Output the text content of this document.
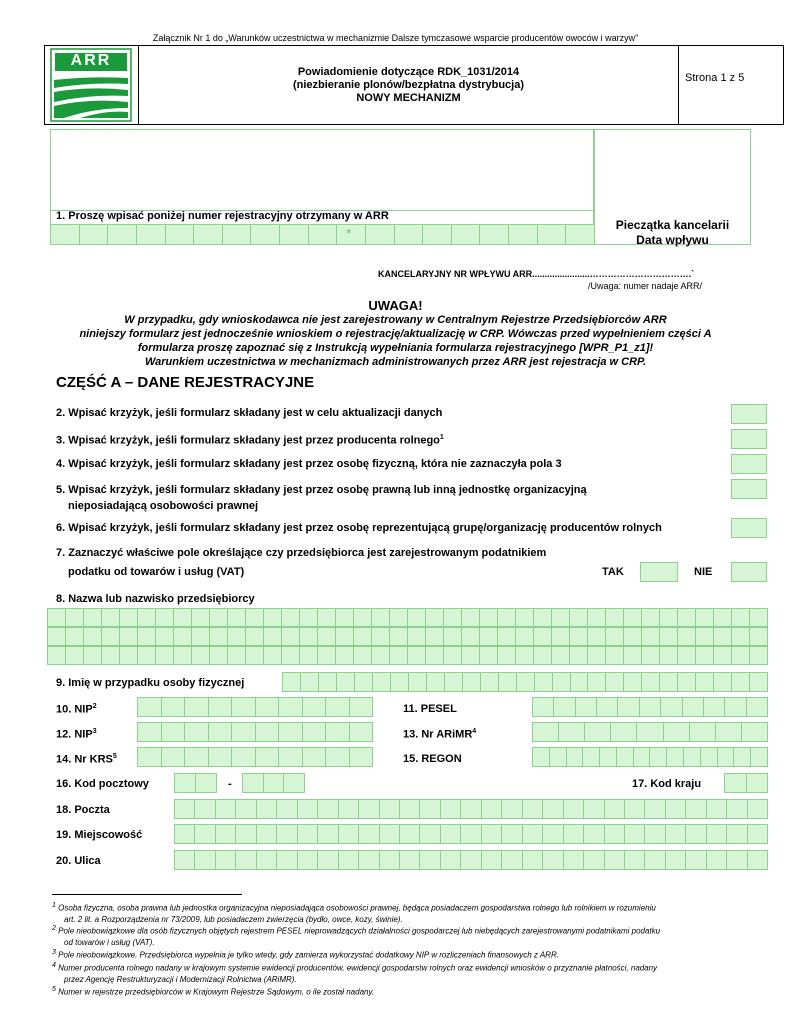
Załącznik Nr 1 do „Warunków uczestnictwa w mechanizmie Dalsze tymczasowe wsparcie producentów owoców i warzyw”
ARR
Powiadomienie dotyczące RDK_1031/2014
(niezbieranie plonów/bezpłatna dystrybucja)
NOWY MECHANIZM
Strona 1 z 5
1. Proszę wpisać poniżej numer rejestracyjny otrzymany w ARR
*	Pieczątka kancelarii
Data wpływu
KANCELARYJNY NR WPŁYWU ARR.......................…………………………….`
/Uwaga: numer nadaje ARR/
UWAGA!
W przypadku, gdy wnioskodawca nie jest zarejestrowany w Centralnym Rejestrze Przedsiębiorców ARR
niniejszy formularz jest jednocześnie wnioskiem o rejestrację/aktualizację w CRP. Wówczas przed wypełnieniem części A
formularza proszę zapoznać się z Instrukcją wypełniania formularza rejestracyjnego [WPR_P1_z1]!
Warunkiem uczestnictwa w mechanizmach administrowanych przez ARR jest rejestracja w CRP.
CZĘŚĆ A – DANE REJESTRACYJNE
2. Wpisać krzyżyk, jeśli formularz składany jest w celu aktualizacji danych
3. Wpisać krzyżyk, jeśli formularz składany jest przez producenta rolnego$^1$
4. Wpisać krzyżyk, jeśli formularz składany jest przez osobę fizyczną, która nie zaznaczyła pola 3
5. Wpisać krzyżyk, jeśli formularz składany jest przez osobę prawną lub inną jednostkę organizacyjną
nieposiadającą osobowości prawnej
6. Wpisać krzyżyk, jeśli formularz składany jest przez osobę reprezentującą grupę/organizację producentów rolnych
7. Zaznaczyć właściwe pole określające czy przedsiębiorca jest zarejestrowanym podatnikiem
podatku od towarów i usług (VAT)	TAK	NIE
8. Nazwa lub nazwisko przedsiębiorcy
9. Imię w przypadku osoby fizycznej
10. NIP$^2$	11. PESEL
12. NIP$^3$	13. Nr ARiMR$^4$
14. Nr KRS$^5$	15. REGON
16. Kod pocztowy	-	17. Kod kraju
18. Poczta
19. Miejscowość
20. Ulica
$^1$ Osoba fizyczna, osoba prawna lub jednostka organizacyjna nieposiadająca osobowości prawnej, będąca posiadaczem gospodarstwa rolnego lub rolnikiem w rozumieniu
art. 2 lit. a Rozporządzenia nr 73/2009, lub posiadaczem zwierzęcia (bydło, owce, kozy, świnie).
$^2$ Pole nieobowiązkowe dla osób fizycznych objętych rejestrem PESEL nieprowadzących działalności gospodarczej lub niebędących zarejestrowanymi podatnikami podatku
od towarów i usług (VAT).
$^3$ Pole nieobowiązkowe. Przedsiębiorca wypełnia je tylko wtedy, gdy zamierza wykorzystać dodatkowy NIP w rozliczeniach finansowych z ARR.
$^4$ Numer producenta rolnego nadany w krajowym systemie ewidencji producentów, ewidencji gospodarstw rolnych oraz ewidencji wniosków o przyznanie płatności, nadany
przez Agencję Restrukturyzacji i Modernizacji Rolnictwa (ARiMR).
$^5$ Numer w rejestrze przedsiębiorców w Krajowym Rejestrze Sądowym, o ile został nadany.
